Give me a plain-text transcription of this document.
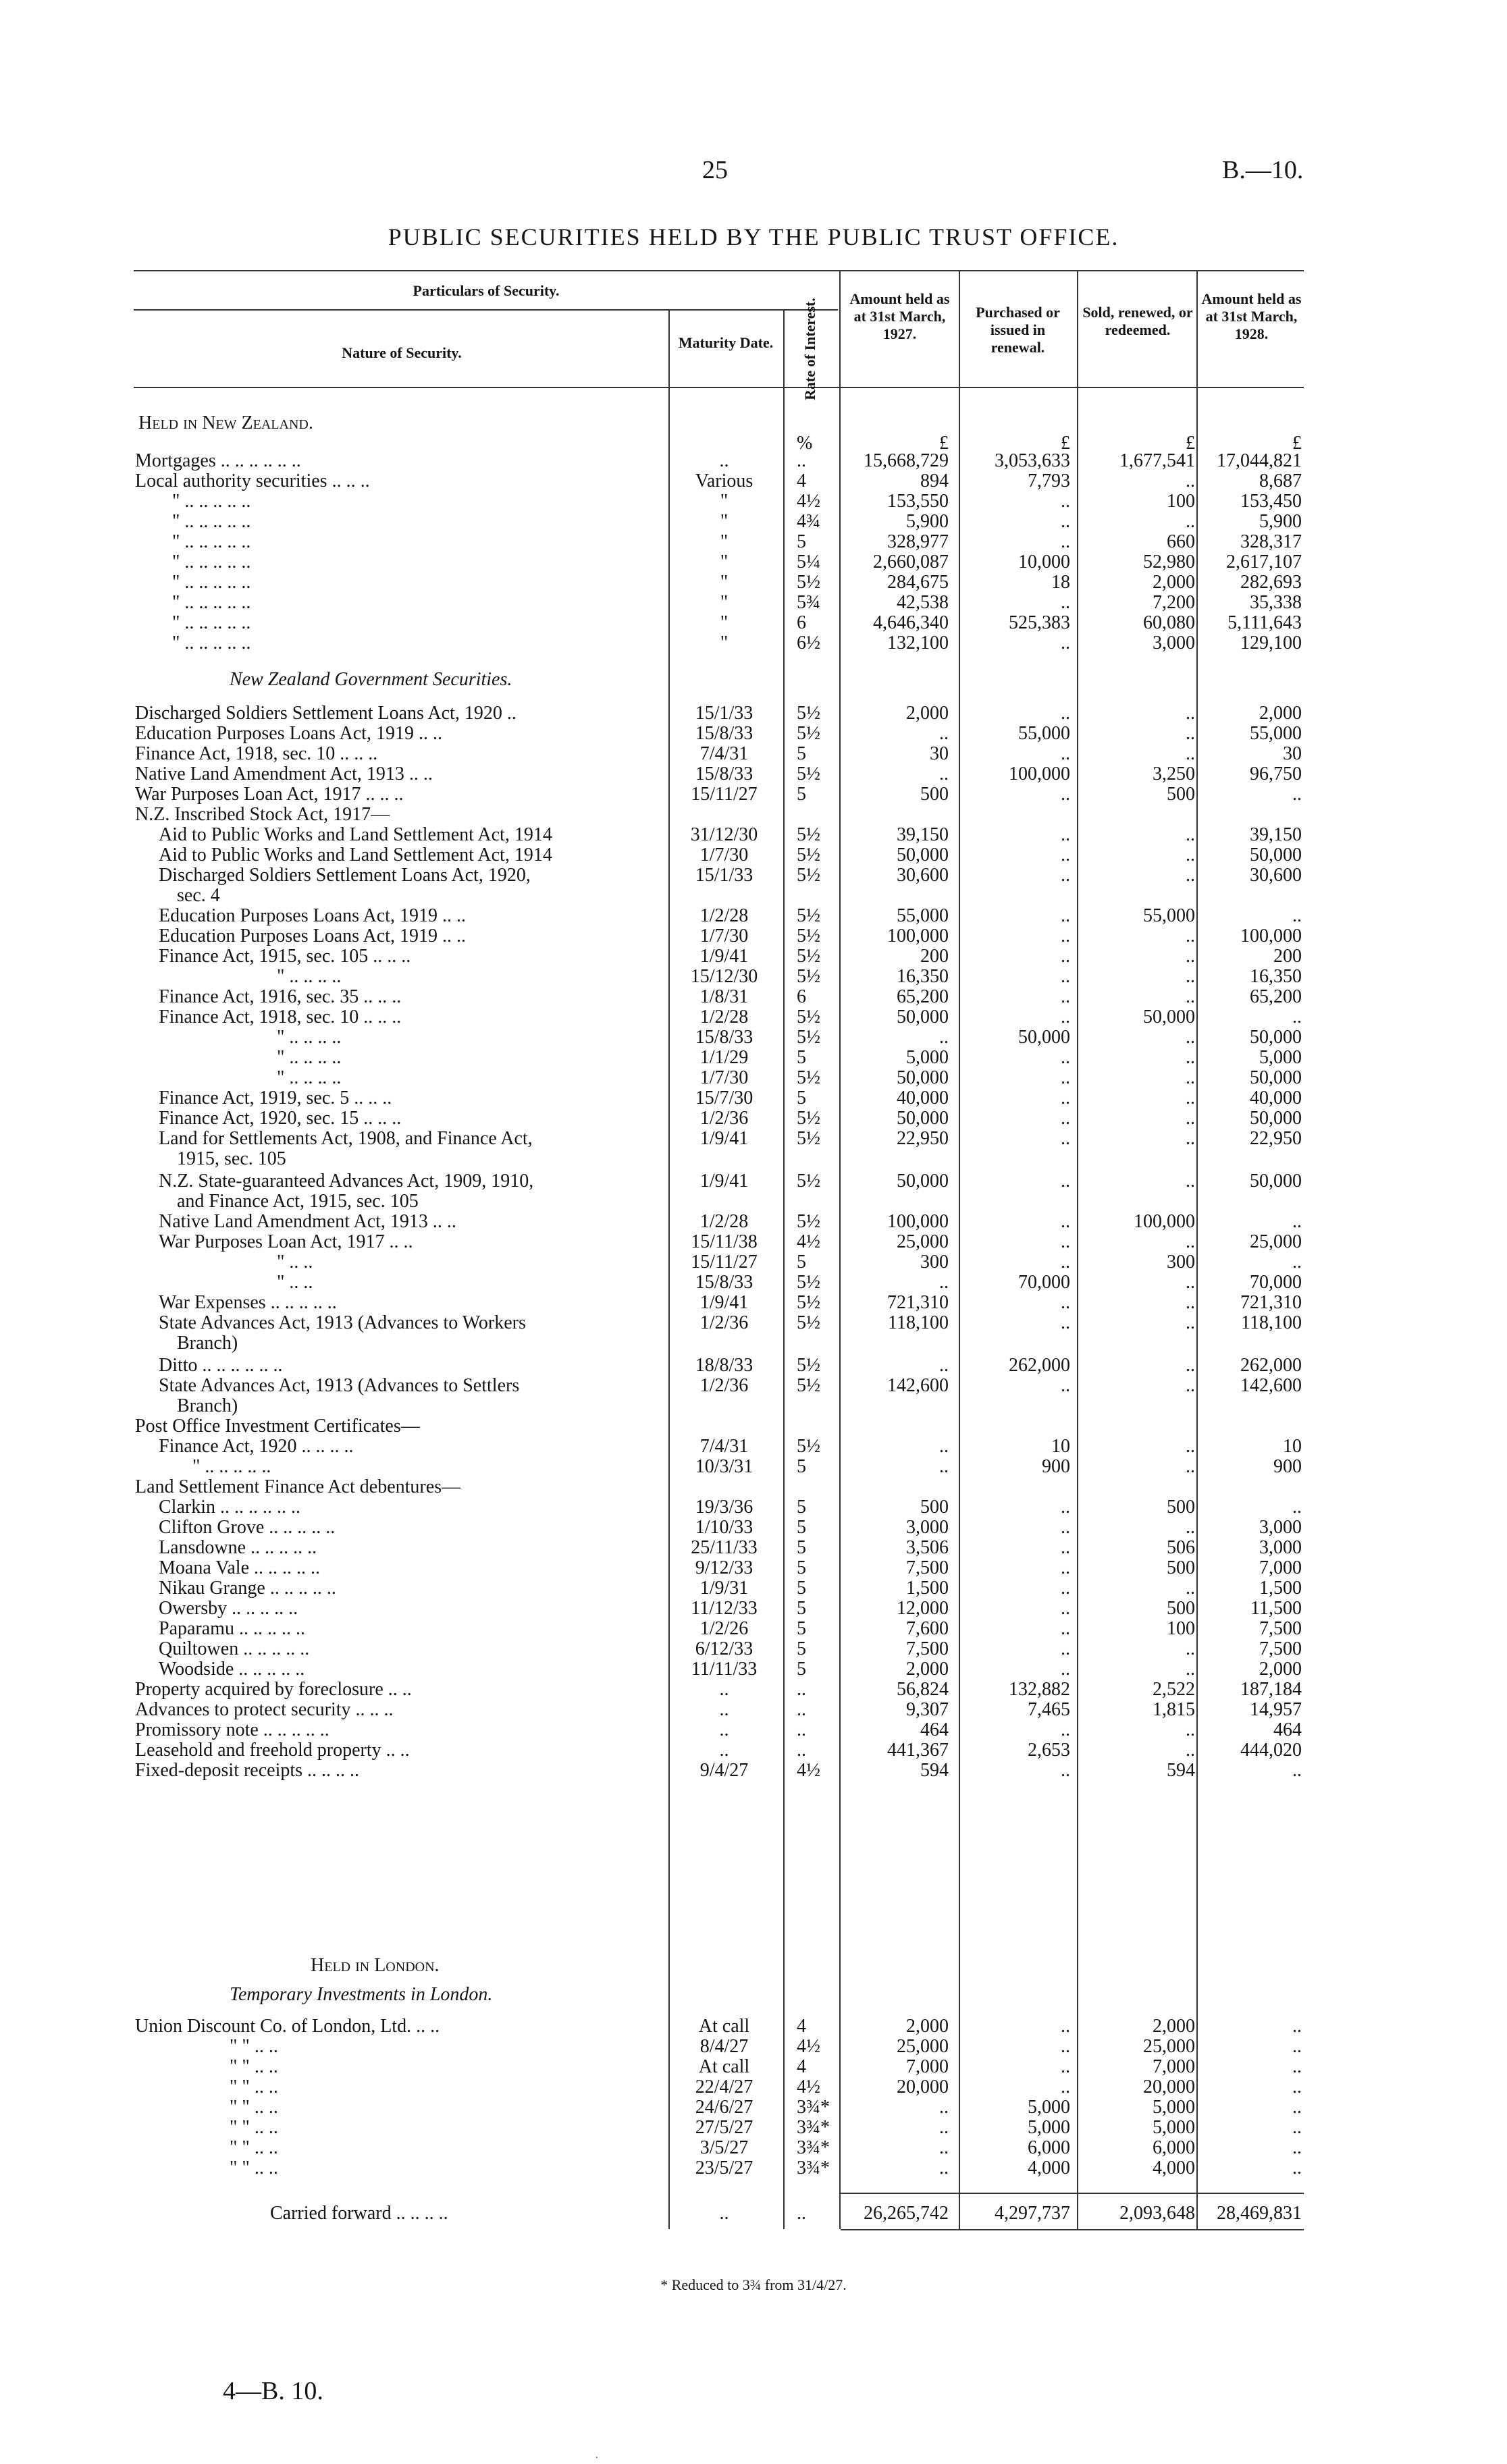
25	B.—10.
PUBLIC SECURITIES HELD BY THE PUBLIC TRUST OFFICE.
Particulars of Security.
Nature of Security.
Maturity Date.	Rate of Interest.	Amount held as at 31st March, 1927.
Purchased or issued in renewal.
Sold, renewed, or redeemed.
Amount held as at 31st March, 1928.
Held in New Zealand.
%	£	£	£	£
Mortgages .. .. .. .. .. ..	..	..	15,668,729	3,053,633	1,677,541	17,044,821
Local authority securities .. .. ..	Various	4	894	7,793	..	8,687
" .. .. .. .. ..	"	4½	153,550	..	100	153,450
" .. .. .. .. ..	"	4¾	5,900	..	..	5,900
" .. .. .. .. ..	"	5	328,977	..	660	328,317
" .. .. .. .. ..	"	5¼	2,660,087	10,000	52,980	2,617,107
" .. .. .. .. ..	"	5½	284,675	18	2,000	282,693
" .. .. .. .. ..	"	5¾	42,538	..	7,200	35,338
" .. .. .. .. ..	"	6	4,646,340	525,383	60,080	5,111,643
" .. .. .. .. ..	"	6½	132,100	..	3,000	129,100
New Zealand Government Securities.
Discharged Soldiers Settlement Loans Act, 1920 ..	15/1/33	5½	2,000	..	..	2,000
Education Purposes Loans Act, 1919 .. ..	15/8/33	5½	..	55,000	..	55,000
Finance Act, 1918, sec. 10 .. .. ..	7/4/31	5	30	..	..	30
Native Land Amendment Act, 1913 .. ..	15/8/33	5½	..	100,000	3,250	96,750
War Purposes Loan Act, 1917 .. .. ..	15/11/27	5	500	..	500	..
N.Z. Inscribed Stock Act, 1917—
Aid to Public Works and Land Settlement Act, 1914	31/12/30	5½	39,150	..	..	39,150
Aid to Public Works and Land Settlement Act, 1914	1/7/30	5½	50,000	..	..	50,000
Discharged Soldiers Settlement Loans Act, 1920,	15/1/33	5½	30,600	..	..	30,600
sec. 4
Education Purposes Loans Act, 1919 .. ..	1/2/28	5½	55,000	..	55,000	..
Education Purposes Loans Act, 1919 .. ..	1/7/30	5½	100,000	..	..	100,000
Finance Act, 1915, sec. 105 .. .. ..	1/9/41	5½	200	..	..	200
" .. .. .. ..	15/12/30	5½	16,350	..	..	16,350
Finance Act, 1916, sec. 35 .. .. ..	1/8/31	6	65,200	..	..	65,200
Finance Act, 1918, sec. 10 .. .. ..	1/2/28	5½	50,000	..	50,000	..
" .. .. .. ..	15/8/33	5½	..	50,000	..	50,000
" .. .. .. ..	1/1/29	5	5,000	..	..	5,000
" .. .. .. ..	1/7/30	5½	50,000	..	..	50,000
Finance Act, 1919, sec. 5 .. .. ..	15/7/30	5	40,000	..	..	40,000
Finance Act, 1920, sec. 15 .. .. ..	1/2/36	5½	50,000	..	..	50,000
Land for Settlements Act, 1908, and Finance Act,	1/9/41	5½	22,950	..	..	22,950
1915, sec. 105
N.Z. State-guaranteed Advances Act, 1909, 1910,	1/9/41	5½	50,000	..	..	50,000
and Finance Act, 1915, sec. 105
Native Land Amendment Act, 1913 .. ..	1/2/28	5½	100,000	..	100,000	..
War Purposes Loan Act, 1917 .. ..	15/11/38	4½	25,000	..	..	25,000
" .. ..	15/11/27	5	300	..	300	..
" .. ..	15/8/33	5½	..	70,000	..	70,000
War Expenses .. .. .. .. ..	1/9/41	5½	721,310	..	..	721,310
State Advances Act, 1913 (Advances to Workers	1/2/36	5½	118,100	..	..	118,100
Branch)
Ditto .. .. .. .. .. ..	18/8/33	5½	..	262,000	..	262,000
State Advances Act, 1913 (Advances to Settlers	1/2/36	5½	142,600	..	..	142,600
Branch)
Post Office Investment Certificates—
Finance Act, 1920 .. .. .. ..	7/4/31	5½	..	10	..	10
" .. .. .. .. ..	10/3/31	5	..	900	..	900
Land Settlement Finance Act debentures—
Clarkin .. .. .. .. .. ..	19/3/36	5	500	..	500	..
Clifton Grove .. .. .. .. ..	1/10/33	5	3,000	..	..	3,000
Lansdowne .. .. .. .. ..	25/11/33	5	3,506	..	506	3,000
Moana Vale .. .. .. .. ..	9/12/33	5	7,500	..	500	7,000
Nikau Grange .. .. .. .. ..	1/9/31	5	1,500	..	..	1,500
Owersby .. .. .. .. ..	11/12/33	5	12,000	..	500	11,500
Paparamu .. .. .. .. ..	1/2/26	5	7,600	..	100	7,500
Quiltowen .. .. .. .. ..	6/12/33	5	7,500	..	..	7,500
Woodside .. .. .. .. ..	11/11/33	5	2,000	..	..	2,000
Property acquired by foreclosure .. ..	..	..	56,824	132,882	2,522	187,184
Advances to protect security .. .. ..	..	..	9,307	7,465	1,815	14,957
Promissory note .. .. .. .. ..	..	..	464	..	..	464
Leasehold and freehold property .. ..	..	..	441,367	2,653	..	444,020
Fixed-deposit receipts .. .. .. ..	9/4/27	4½	594	..	594	..
Held in London.
Temporary Investments in London.
Union Discount Co. of London, Ltd. .. ..	At call	4	2,000	..	2,000	..
" " .. ..	8/4/27	4½	25,000	..	25,000	..
" " .. ..	At call	4	7,000	..	7,000	..
" " .. ..	22/4/27	4½	20,000	..	20,000	..
" " .. ..	24/6/27	3¾*	..	5,000	5,000	..
" " .. ..	27/5/27	3¾*	..	5,000	5,000	..
" " .. ..	3/5/27	3¾*	..	6,000	6,000	..
" " .. ..	23/5/27	3¾*	..	4,000	4,000	..
Carried forward .. .. .. ..	..	..	26,265,742	4,297,737	2,093,648	28,469,831
* Reduced to 3¾ from 31/4/27.
4—B. 10.
.
